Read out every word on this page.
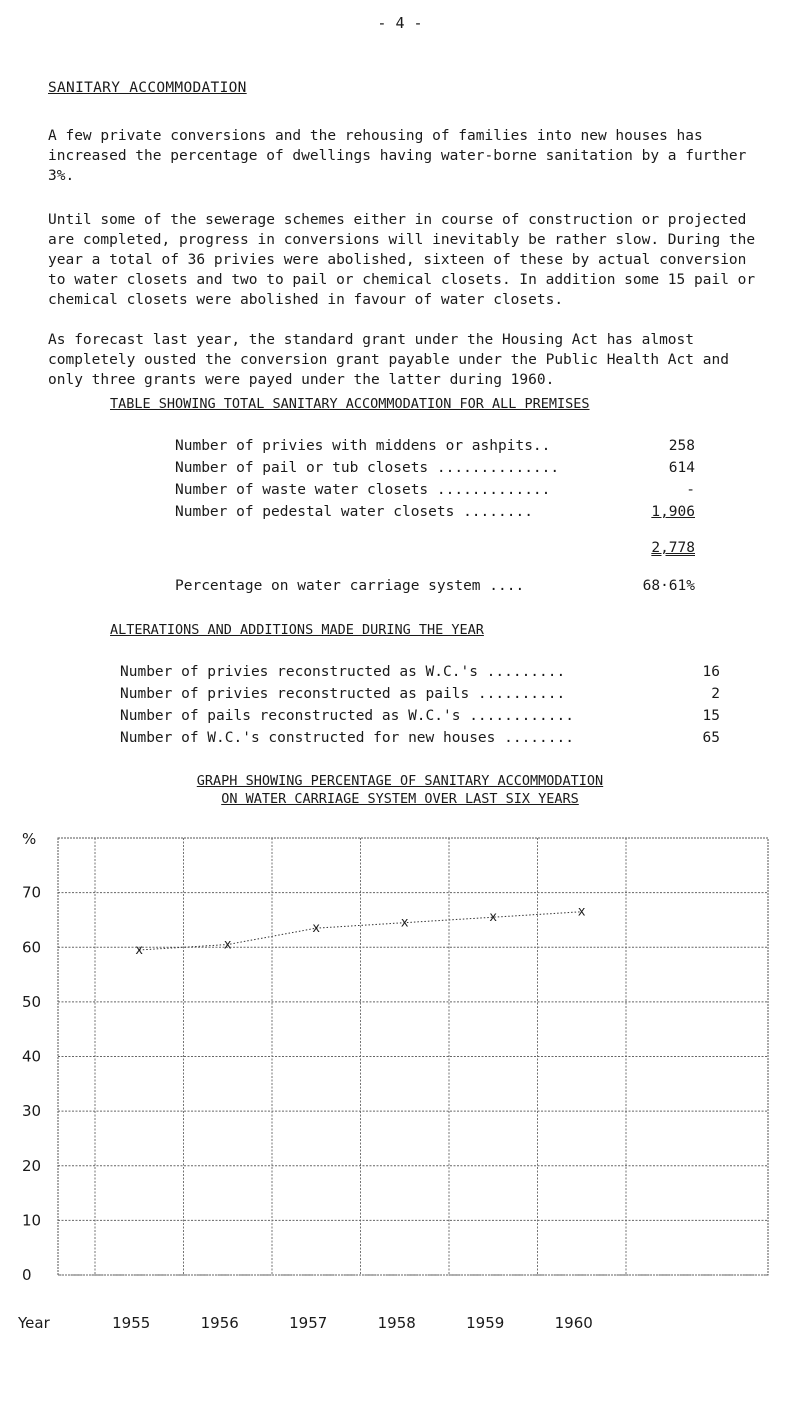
- 4 -
SANITARY ACCOMMODATION

A few private conversions and the rehousing of families into new houses has increased the percentage of dwellings having water-borne sanitation by a further 3%.

Until some of the sewerage schemes either in course of construction or projected are completed, progress in conversions will inevitably be rather slow. During the year a total of 36 privies were abolished, sixteen of these by actual conversion to water closets and two to pail or chemical closets. In addition some 15 pail or chemical closets were abolished in favour of water closets.

As forecast last year, the standard grant under the Housing Act has almost completely ousted the conversion grant payable under the Public Health Act and only three grants were payed under the latter during 1960.

TABLE SHOWING TOTAL SANITARY ACCOMMODATION FOR ALL PREMISES
Number of privies with middens or ashpits..	258
Number of pail or tub closets ..............	614
Number of waste water closets .............	-
Number of pedestal water closets ........	1,906
2,778
Percentage on water carriage system ....	68·61%
ALTERATIONS AND ADDITIONS MADE DURING THE YEAR
Number of privies reconstructed as W.C.'s .........	16
Number of privies reconstructed as pails ..........	2
Number of pails reconstructed as W.C.'s ............	15
Number of W.C.'s constructed for new houses ........	65
GRAPH SHOWING PERCENTAGE OF SANITARY ACCOMMODATION
ON WATER CARRIAGE SYSTEM OVER LAST SIX YEARS
0
10
20
30
40
50
60
70
%
Year	1955	1956	1957	1958	1959	1960
x	x
x	x	x	x
